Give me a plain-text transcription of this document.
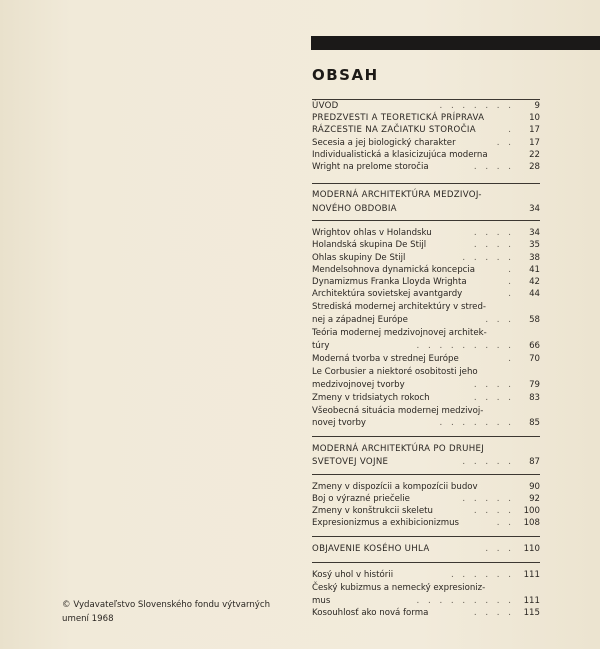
OBSAH
ÚVOD	. . . . . . .	9
PREDZVESTI A TEORETICKÁ PRÍPRAVA	10
RÁZCESTIE NA ZAČIATKU STOROČIA	.	17
Secesia a jej biologický charakter	. .	17
Individualistická a klasicizujúca moderna	22
Wright na prelome storočia	. . . .	28
MODERNÁ ARCHITEKTÚRA MEDZIVOJ-
NOVÉHO OBDOBIA	34
Wrightov ohlas v Holandsku	. . . .	34
Holandská skupina De Stijl	. . . .	35
Ohlas skupiny De Stijl	. . . . .	38
Mendelsohnova dynamická koncepcia	.	41
Dynamizmus Franka Lloyda Wrighta	.	42
Architektúra sovietskej avantgardy	.	44
Strediská modernej architektúry v stred-
nej a západnej Európe	. . .	58
Teória modernej medzivojnovej architek-
túry	. . . . . . . . .	66
Moderná tvorba v strednej Európe	.	70
Le Corbusier a niektoré osobitosti jeho
medzivojnovej tvorby	. . . .	79
Zmeny v tridsiatych rokoch	. . . .	83
Všeobecná situácia modernej medzivoj-
novej tvorby	. . . . . . .	85
MODERNÁ ARCHITEKTÚRA PO DRUHEJ
SVETOVEJ VOJNE	. . . . .	87
Zmeny v dispozícii a kompozícii budov	90
Boj o výrazné priečelie	. . . . .	92
Zmeny v konštrukcii skeletu	. . . .	100
Expresionizmus a exhibicionizmus	. .	108
OBJAVENIE KOSÉHO UHLA	. . .	110
Kosý uhol v histórii	. . . . . .	111
Český kubizmus a nemecký expresioniz-
mus	. . . . . . . . .	111
Kosouhlosť ako nová forma	. . . .	115
© Vydavateľstvo Slovenského fondu výtvarných
umení 1968
